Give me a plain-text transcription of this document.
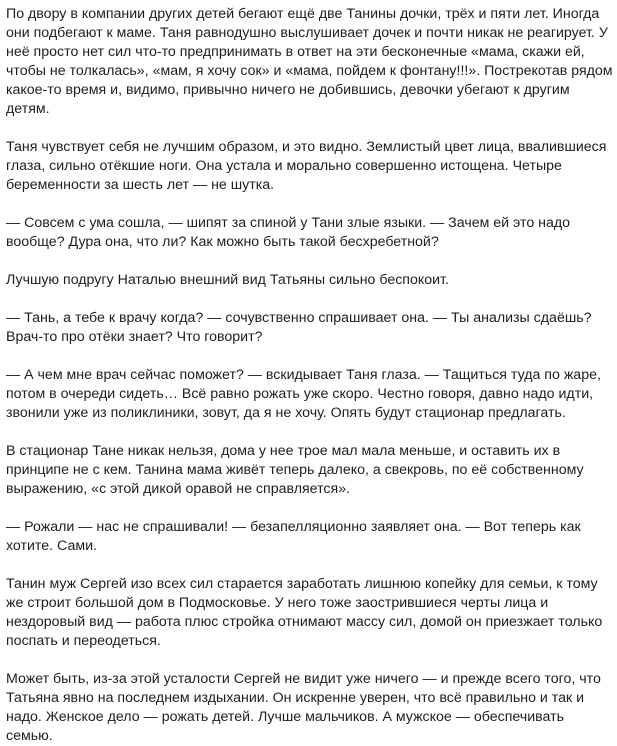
По двору в компании других детей бегают ещё две Танины дочки, трёх и пяти лет. Иногда они подбегают к маме. Таня равнодушно выслушивает дочек и почти никак не реагирует. У неё просто нет сил что-то предпринимать в ответ на эти бесконечные «мама, скажи ей, чтобы не толкалась», «мам, я хочу сок» и «мама, пойдем к фонтану!!!». Пострекотав рядом какое-то время и, видимо, привычно ничего не добившись, девочки убегают к другим детям.

Таня чувствует себя не лучшим образом, и это видно. Землистый цвет лица, ввалившиеся глаза, сильно отёкшие ноги. Она устала и морально совершенно истощена. Четыре беременности за шесть лет — не шутка.

— Совсем с ума сошла, — шипят за спиной у Тани злые языки. — Зачем ей это надо вообще? Дура она, что ли? Как можно быть такой бесхребетной?

Лучшую подругу Наталью внешний вид Татьяны сильно беспокоит.

— Тань, а тебе к врачу когда? — сочувственно спрашивает она. — Ты анализы сдаёшь? Врач-то про отёки знает? Что говорит?

— А чем мне врач сейчас поможет? — вскидывает Таня глаза. — Тащиться туда по жаре, потом в очереди сидеть… Всё равно рожать уже скоро. Честно говоря, давно надо идти, звонили уже из поликлиники, зовут, да я не хочу. Опять будут стационар предлагать.

В стационар Тане никак нельзя, дома у нее трое мал мала меньше, и оставить их в принципе не с кем. Танина мама живёт теперь далеко, а свекровь, по её собственному выражению, «с этой дикой оравой не справляется».

— Рожали — нас не спрашивали! — безапелляционно заявляет она. — Вот теперь как хотите. Сами.

Танин муж Сергей изо всех сил старается заработать лишнюю копейку для семьи, к тому же строит большой дом в Подмосковье. У него тоже заострившиеся черты лица и нездоровый вид — работа плюс стройка отнимают массу сил, домой он приезжает только поспать и переодеться.

Может быть, из-за этой усталости Сергей не видит уже ничего — и прежде всего того, что Татьяна явно на последнем издыхании. Он искренне уверен, что всё правильно и так и надо. Женское дело — рожать детей. Лучше мальчиков. А мужское — обеспечивать семью.
